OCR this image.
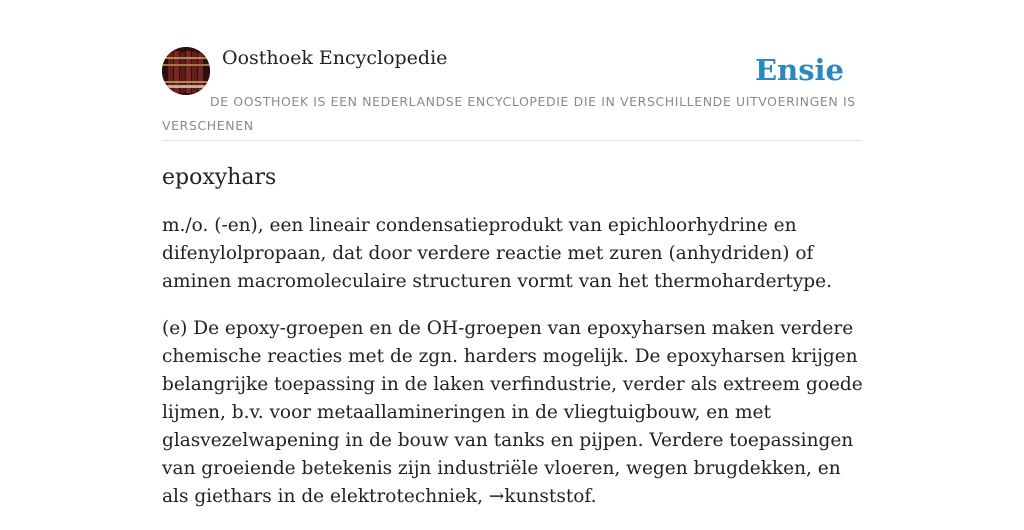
Oosthoek Encyclopedie	Ensie
DE OOSTHOEK IS EEN NEDERLANDSE ENCYCLOPEDIE DIE IN VERSCHILLENDE UITVOERINGEN IS VERSCHENEN
epoxyhars

m./o. (-en), een lineair condensatieprodukt van epichloorhydrine en difenylolpropaan, dat door verdere reactie met zuren (anhydriden) of aminen macromoleculaire structuren vormt van het thermohardertype.

(e) De epoxy-groepen en de OH-groepen van epoxyharsen maken verdere chemische reacties met de zgn. harders mogelijk. De epoxyharsen krijgen belangrijke toepassing in de laken verfindustrie, verder als extreem goede lijmen, b.v. voor metaallamineringen in de vliegtuigbouw, en met glasvezelwapening in de bouw van tanks en pijpen. Verdere toepassingen van groeiende betekenis zijn industriële vloeren, wegen brugdekken, en als giethars in de elektrotechniek, →kunststof.
